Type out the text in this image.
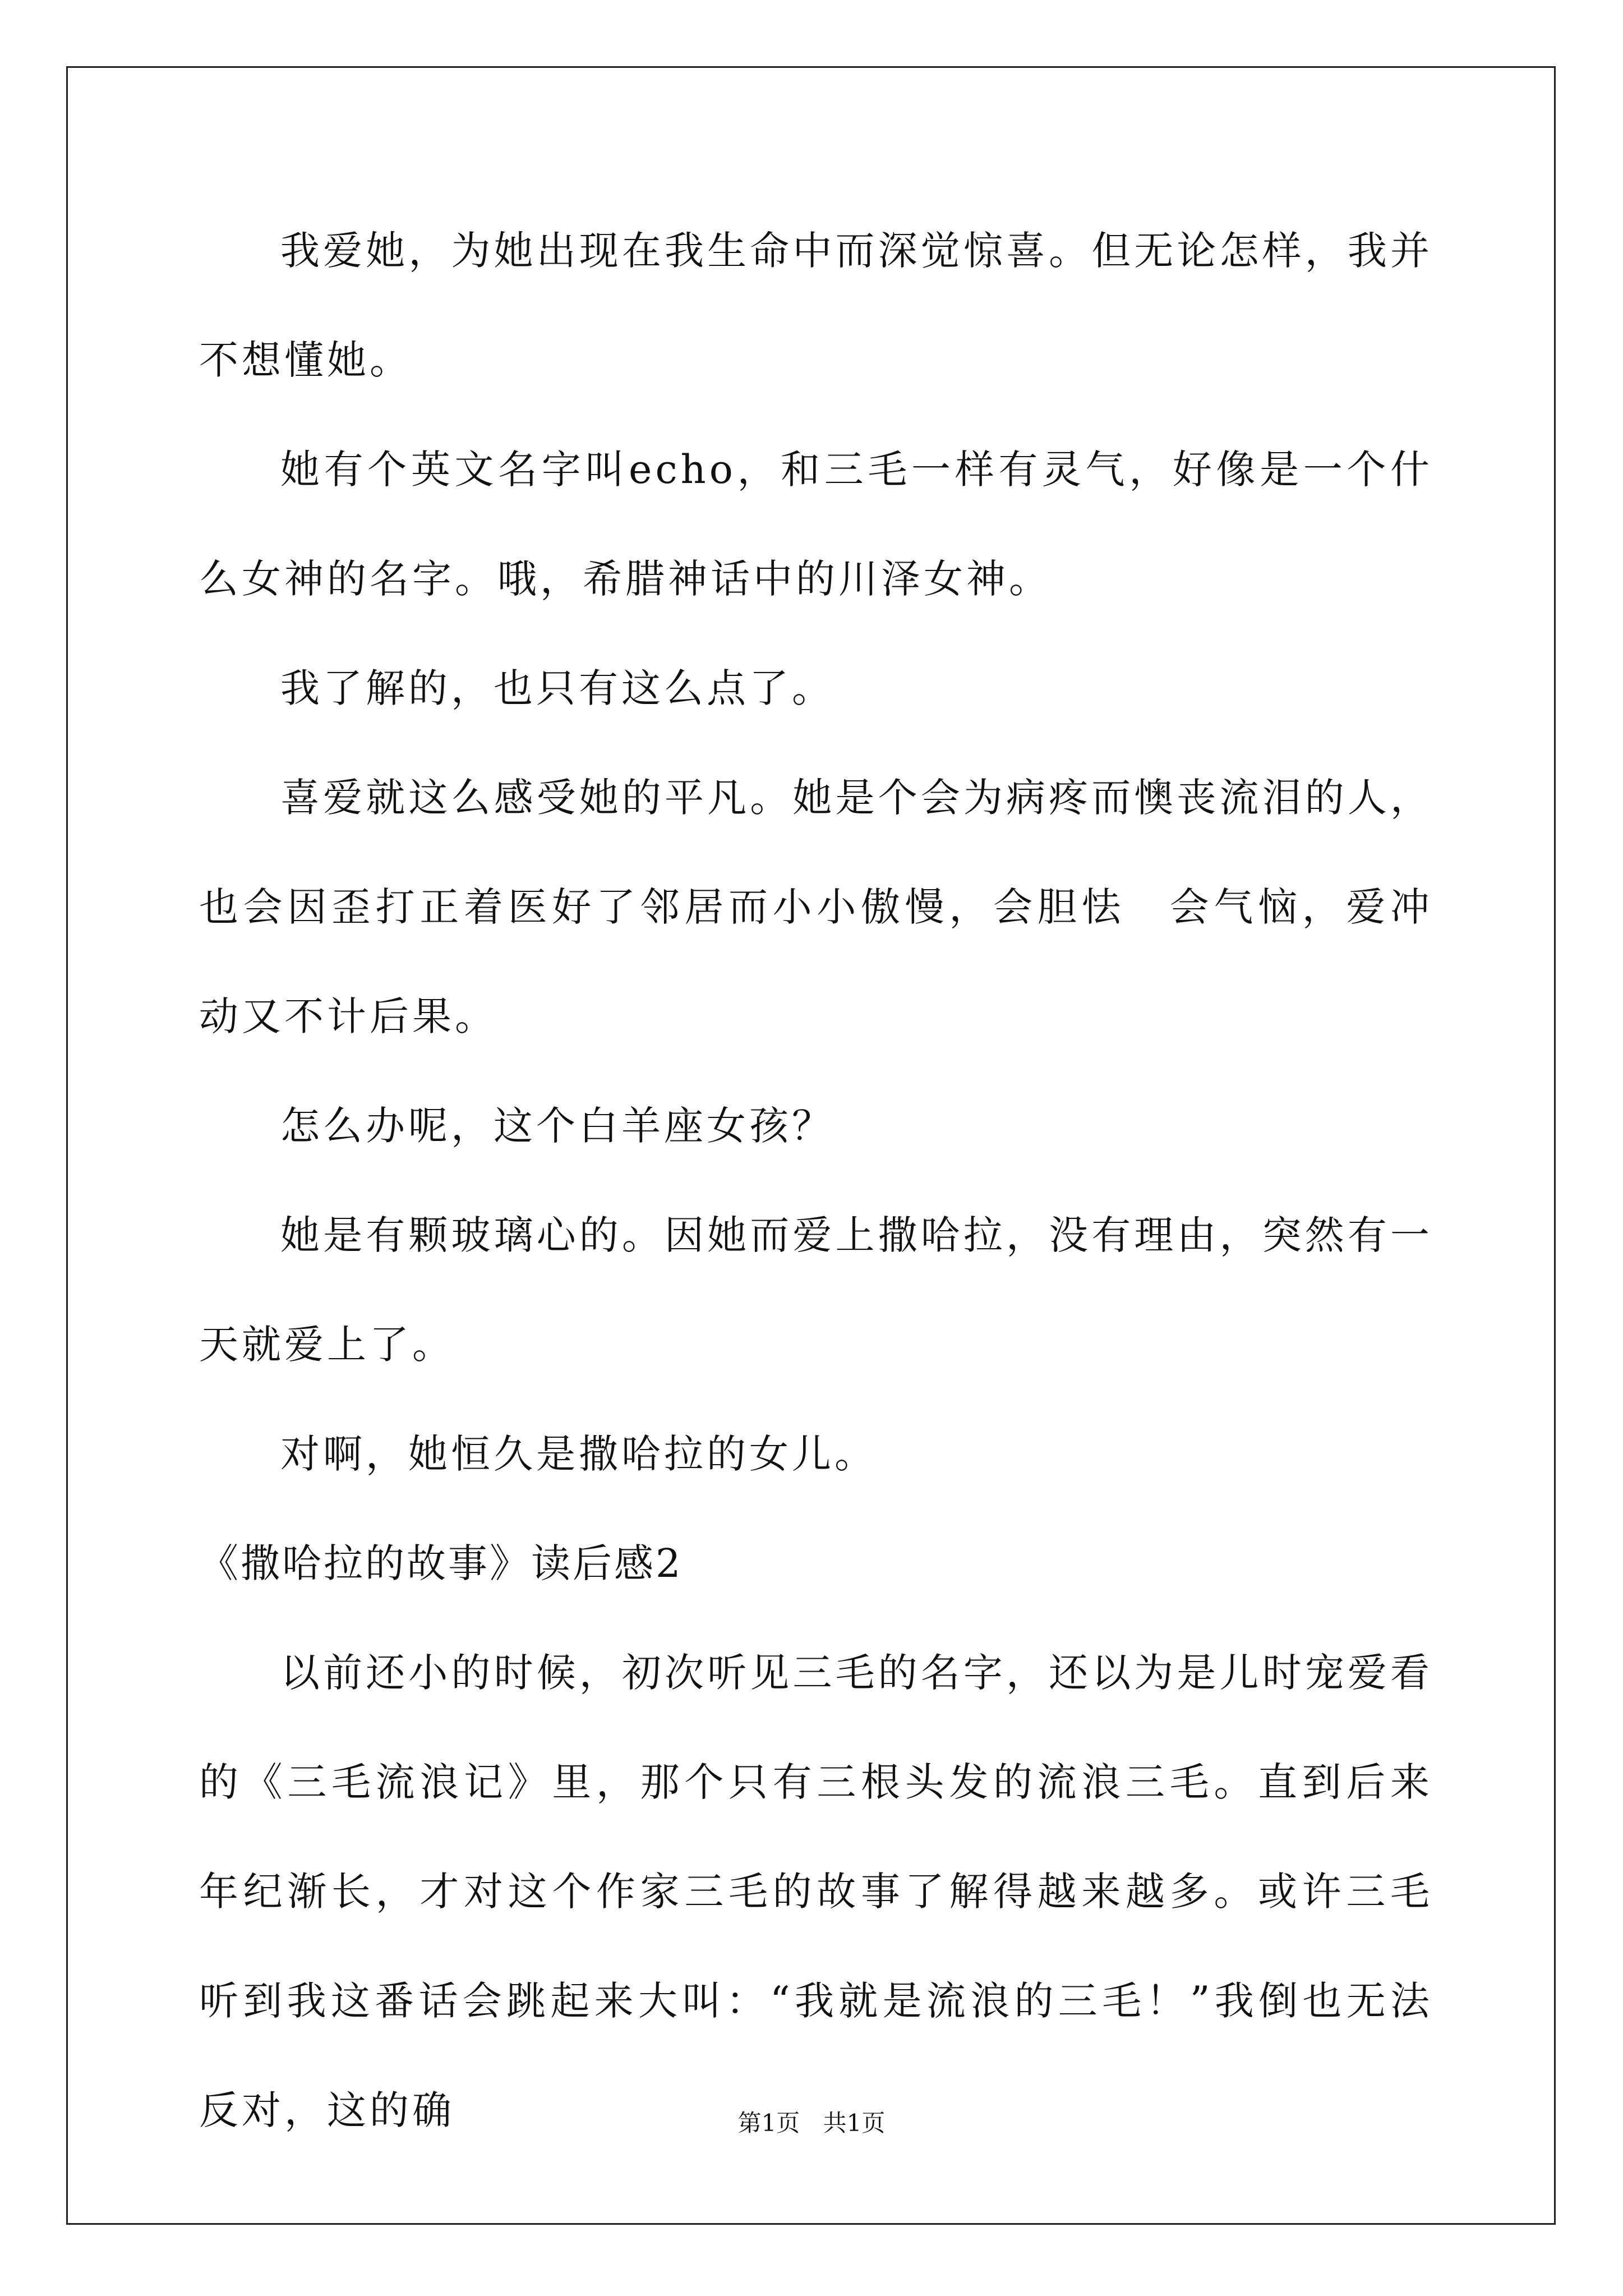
我爱她，为她出现在我生命中而深觉惊喜。但无论怎样，我并不想懂她。

她有个英文名字叫echo，和三毛一样有灵气，好像是一个什么女神的名字。哦，希腊神话中的川泽女神。

我了解的，也只有这么点了。

喜爱就这么感受她的平凡。她是个会为病疼而懊丧流泪的人，也会因歪打正着医好了邻居而小小傲慢，会胆怯　会气恼，爱冲动又不计后果。

怎么办呢，这个白羊座女孩？

她是有颗玻璃心的。因她而爱上撒哈拉，没有理由，突然有一天就爱上了。

对啊，她恒久是撒哈拉的女儿。

《撒哈拉的故事》读后感2

以前还小的时候，初次听见三毛的名字，还以为是儿时宠爱看的《三毛流浪记》里，那个只有三根头发的流浪三毛。直到后来年纪渐长，才对这个作家三毛的故事了解得越来越多。或许三毛听到我这番话会跳起来大叫：“我就是流浪的三毛！”我倒也无法反对，这的确	第1页 共1页
